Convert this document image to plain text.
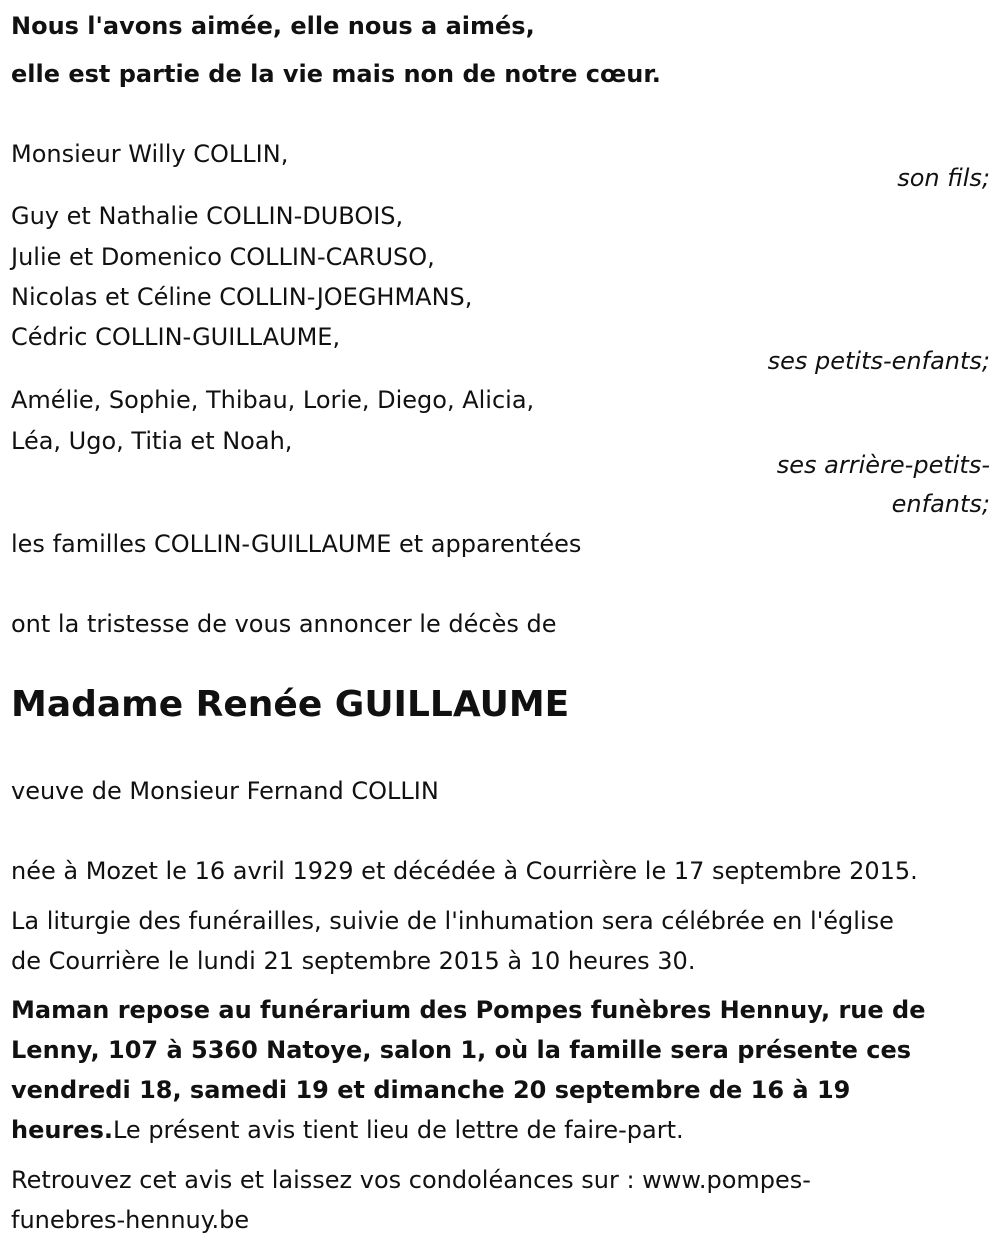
Nous l'avons aimée, elle nous a aimés,
elle est partie de la vie mais non de notre cœur.
Monsieur Willy COLLIN,
son fils;
Guy et Nathalie COLLIN-DUBOIS,
Julie et Domenico COLLIN-CARUSO,
Nicolas et Céline COLLIN-JOEGHMANS,
Cédric COLLIN-GUILLAUME,
ses petits-enfants;
Amélie, Sophie, Thibau, Lorie, Diego, Alicia,
Léa, Ugo, Titia et Noah,
ses arrière-petits-
enfants;
les familles COLLIN-GUILLAUME et apparentées
ont la tristesse de vous annoncer le décès de
Madame Renée GUILLAUME
veuve de Monsieur Fernand COLLIN
née à Mozet le 16 avril 1929 et décédée à Courrière le 17 septembre 2015.
La liturgie des funérailles, suivie de l'inhumation sera célébrée en l'église
de Courrière le lundi 21 septembre 2015 à 10 heures 30.
Maman repose au funérarium des Pompes funèbres Hennuy, rue de
Lenny, 107 à 5360 Natoye, salon 1, où la famille sera présente ces
vendredi 18, samedi 19 et dimanche 20 septembre de 16 à 19
heures.Le présent avis tient lieu de lettre de faire-part.
Retrouvez cet avis et laissez vos condoléances sur : www.pompes-
funebres-hennuy.be
